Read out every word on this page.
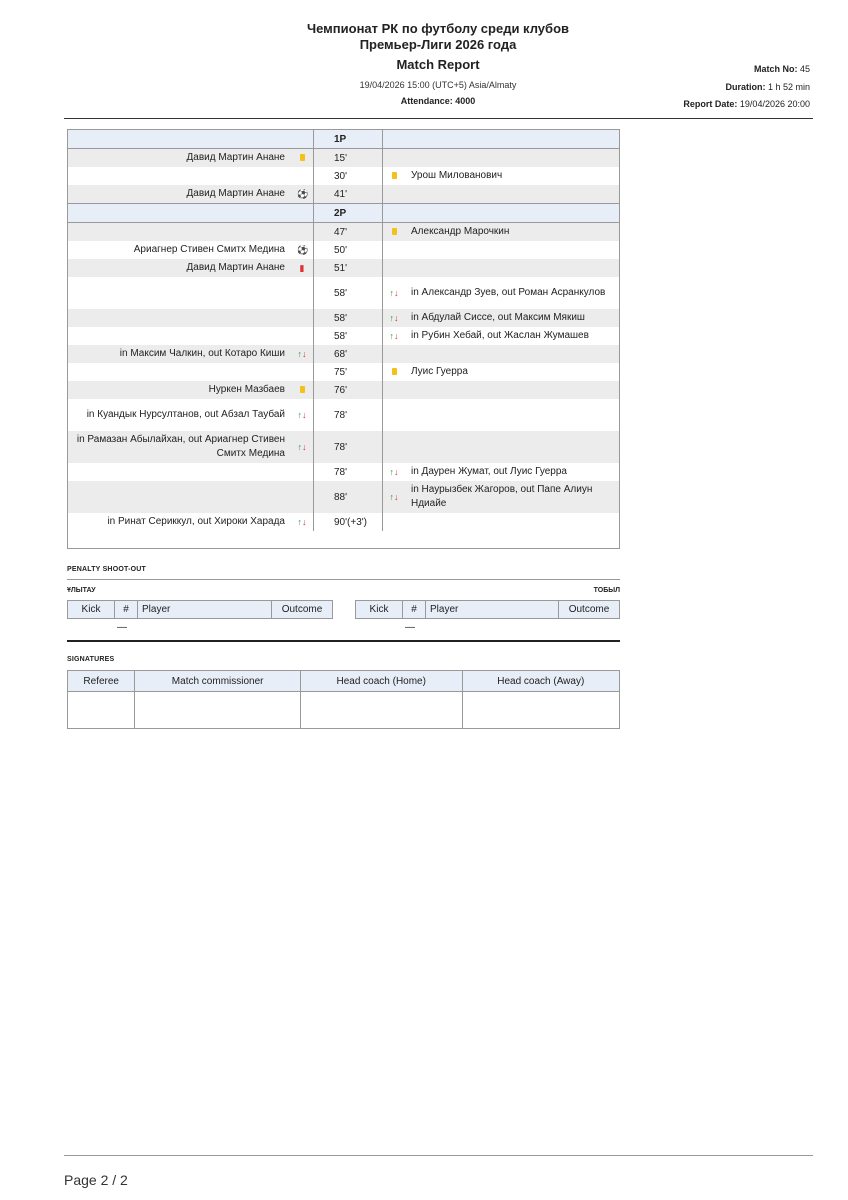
Чемпионат РК по футболу среди клубов
Премьер-Лиги 2026 года
Match Report
19/04/2026 15:00 (UTC+5) Asia/Almaty
Attendance: 4000
Match No: 45
Duration: 1 h 52 min
Report Date: 19/04/2026 20:00
		1P		
Давид Мартин Ананe		15'		
		30'		Урош Милованович
Давид Мартин Ананe	⚽	41'		
		2P		
		47'		Александр Марочкин
Ариагнер Стивен Смитх Медина	⚽	50'		
Давид Мартин Ананe	▮	51'		
		58'	↑↓	in Александр Зуев, out Роман Асранкулов
		58'	↑↓	in Абдулай Сиссе, out Максим Мякиш
		58'	↑↓	in Рубин Хебай, out Жаслан Жумашев
in Максим Чалкин, out Котаро Киши	↑↓	68'		
		75'		Луис Гуерра
Нуркен Мазбаев		76'		
in Куандык Нурсултанов, out Абзал Таубай	↑↓	78'		
in Рамазан Абылайхан, out Ариагнер Стивен Смитх Медина	↑↓	78'		
		78'	↑↓	in Даурен Жумат, out Луис Гуерра
		88'	↑↓	in Наурызбек Жагоров, out Папе Алиун Ндиайе
in Ринат Сериккул, out Хироки Харада	↑↓	90'(+3')		
PENALTY SHOOT-OUT
ҰЛЫТАУ	ТОБЫЛ
Kick	#	Player	Outcome	Kick	#	Player	Outcome
—	—
SIGNATURES
Referee	Match commissioner	Head coach (Home)	Head coach (Away)

Page 2 / 2
